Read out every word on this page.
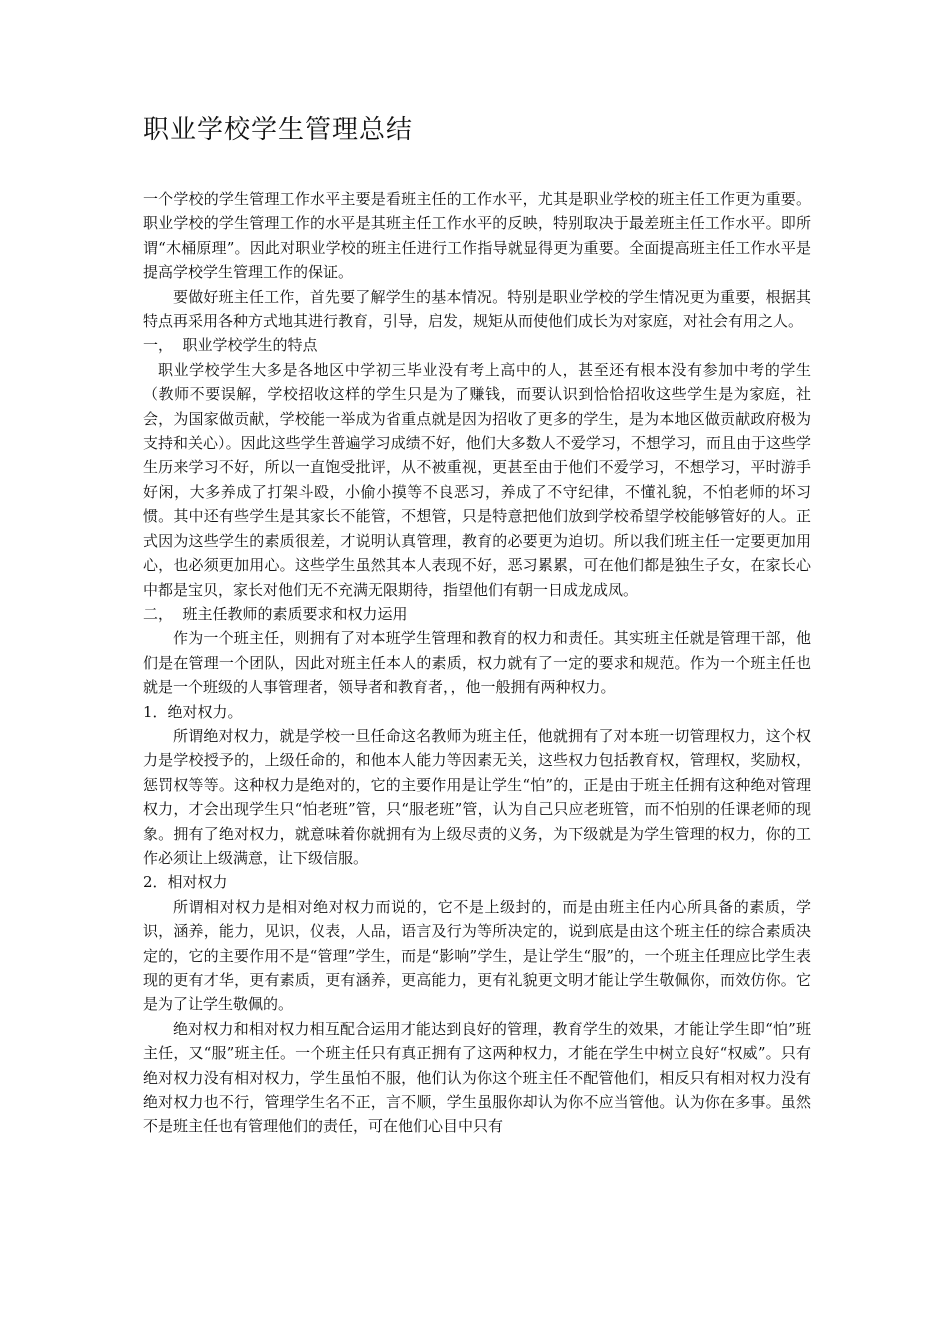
职业学校学生管理总结

一个学校的学生管理工作水平主要是看班主任的工作水平，尤其是职业学校的班主任工作更为重要。职业学校的学生管理工作的水平是其班主任工作水平的反映，特别取决于最差班主任工作水平。即所谓“木桶原理”。因此对职业学校的班主任进行工作指导就显得更为重要。全面提高班主任工作水平是提高学校学生管理工作的保证。

要做好班主任工作，首先要了解学生的基本情况。特别是职业学校的学生情况更为重要，根据其特点再采用各种方式地其进行教育，引导，启发，规矩从而使他们成长为对家庭，对社会有用之人。

一，  职业学校学生的特点

职业学校学生大多是各地区中学初三毕业没有考上高中的人，甚至还有根本没有参加中考的学生（教师不要误解，学校招收这样的学生只是为了赚钱，而要认识到恰恰招收这些学生是为家庭，社会，为国家做贡献，学校能一举成为省重点就是因为招收了更多的学生，是为本地区做贡献政府极为支持和关心）。因此这些学生普遍学习成绩不好，他们大多数人不爱学习，不想学习，而且由于这些学生历来学习不好，所以一直饱受批评，从不被重视，更甚至由于他们不爱学习，不想学习，平时游手好闲，大多养成了打架斗殴，小偷小摸等不良恶习，养成了不守纪律，不懂礼貌，不怕老师的坏习惯。其中还有些学生是其家长不能管，不想管，只是特意把他们放到学校希望学校能够管好的人。正式因为这些学生的素质很差，才说明认真管理，教育的必要更为迫切。所以我们班主任一定要更加用心，也必须更加用心。这些学生虽然其本人表现不好，恶习累累，可在他们都是独生子女，在家长心中都是宝贝，家长对他们无不充满无限期待，指望他们有朝一日成龙成凤。

二，  班主任教师的素质要求和权力运用

作为一个班主任，则拥有了对本班学生管理和教育的权力和责任。其实班主任就是管理干部，他们是在管理一个团队，因此对班主任本人的素质，权力就有了一定的要求和规范。作为一个班主任也就是一个班级的人事管理者，领导者和教育者，，他一般拥有两种权力。

1．绝对权力。

所谓绝对权力，就是学校一旦任命这名教师为班主任，他就拥有了对本班一切管理权力，这个权力是学校授予的，上级任命的，和他本人能力等因素无关，这些权力包括教育权，管理权，奖励权，惩罚权等等。这种权力是绝对的，它的主要作用是让学生“怕”的，正是由于班主任拥有这种绝对管理权力，才会出现学生只“怕老班”管，只“服老班”管，认为自己只应老班管，而不怕别的任课老师的现象。拥有了绝对权力，就意味着你就拥有为上级尽责的义务，为下级就是为学生管理的权力，你的工作必须让上级满意，让下级信服。

2．相对权力

所谓相对权力是相对绝对权力而说的，它不是上级封的，而是由班主任内心所具备的素质，学识，涵养，能力，见识，仪表，人品，语言及行为等所决定的，说到底是由这个班主任的综合素质决定的，它的主要作用不是“管理”学生，而是“影响”学生，是让学生“服”的，一个班主任理应比学生表现的更有才华，更有素质，更有涵养，更高能力，更有礼貌更文明才能让学生敬佩你，而效仿你。它是为了让学生敬佩的。

绝对权力和相对权力相互配合运用才能达到良好的管理，教育学生的效果，才能让学生即“怕”班主任，又“服”班主任。一个班主任只有真正拥有了这两种权力，才能在学生中树立良好“权威”。只有绝对权力没有相对权力，学生虽怕不服，他们认为你这个班主任不配管他们，相反只有相对权力没有绝对权力也不行，管理学生名不正，言不顺，学生虽服你却认为你不应当管他。认为你在多事。虽然不是班主任也有管理他们的责任，可在他们心目中只有
